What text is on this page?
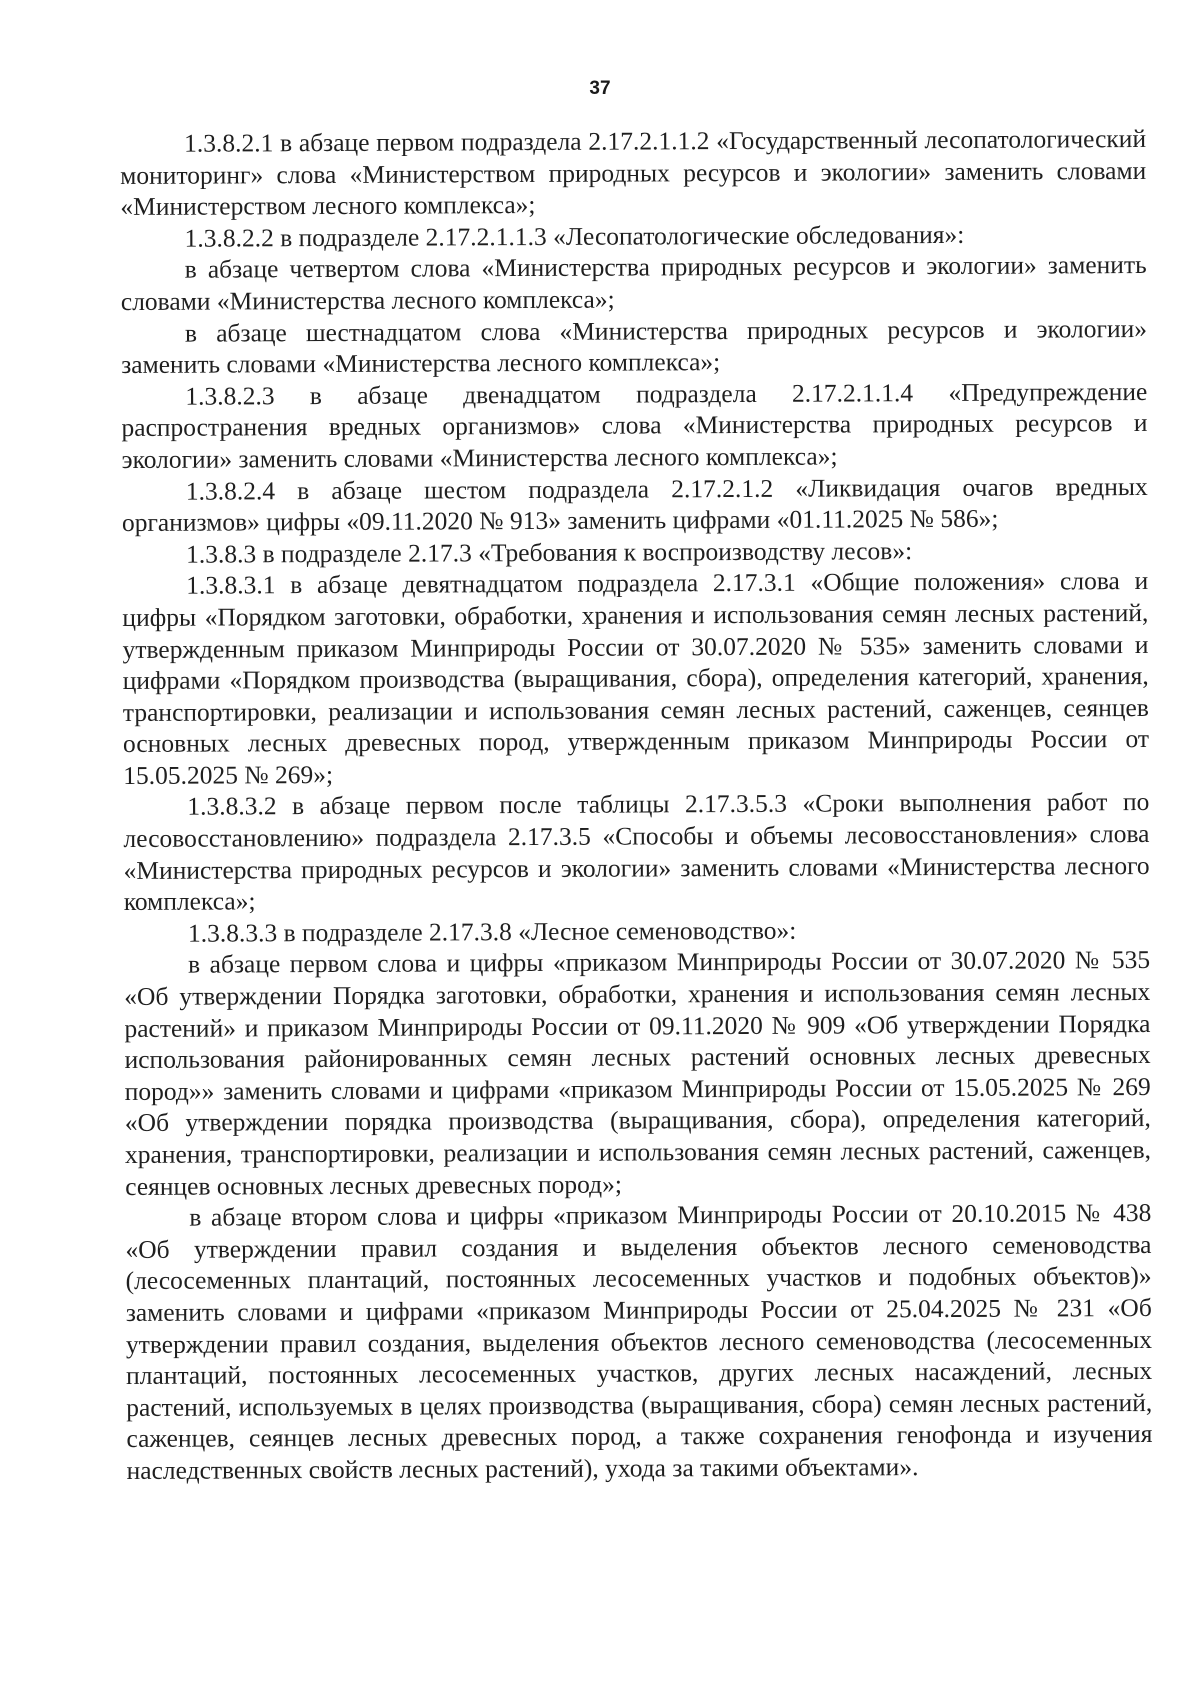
37

1.3.8.2.1 в абзаце первом подраздела 2.17.2.1.1.2 «Государственный лесопатологический мониторинг» слова «Министерством природных ресурсов и экологии» заменить словами «Министерством лесного комплекса»;

1.3.8.2.2 в подразделе 2.17.2.1.1.3 «Лесопатологические обследования»:

в абзаце четвертом слова «Министерства природных ресурсов и экологии» заменить словами «Министерства лесного комплекса»;

в абзаце шестнадцатом слова «Министерства природных ресурсов и экологии» заменить словами «Министерства лесного комплекса»;

1.3.8.2.3 в абзаце двенадцатом подраздела 2.17.2.1.1.4 «Предупреждение распространения вредных организмов» слова «Министерства природных ресурсов и экологии» заменить словами «Министерства лесного комплекса»;

1.3.8.2.4 в абзаце шестом подраздела 2.17.2.1.2 «Ликвидация очагов вредных организмов» цифры «09.11.2020 № 913» заменить цифрами «01.11.2025 № 586»;

1.3.8.3 в подразделе 2.17.3 «Требования к воспроизводству лесов»:

1.3.8.3.1 в абзаце девятнадцатом подраздела 2.17.3.1 «Общие положения» слова и цифры «Порядком заготовки, обработки, хранения и использования семян лесных растений, утвержденным приказом Минприроды России от 30.07.2020 № 535» заменить словами и цифрами «Порядком производства (выращивания, сбора), определения категорий, хранения, транспортировки, реализации и использования семян лесных растений, саженцев, сеянцев основных лесных древесных пород, утвержденным приказом Минприроды России от 15.05.2025 № 269»;

1.3.8.3.2 в абзаце первом после таблицы 2.17.3.5.3 «Сроки выполнения работ по лесовосстановлению» подраздела 2.17.3.5 «Способы и объемы лесовосстановления» слова «Министерства природных ресурсов и экологии» заменить словами «Министерства лесного комплекса»;

1.3.8.3.3 в подразделе 2.17.3.8 «Лесное семеноводство»:

в абзаце первом слова и цифры «приказом Минприроды России от 30.07.2020 № 535 «Об утверждении Порядка заготовки, обработки, хранения и использования семян лесных растений» и приказом Минприроды России от 09.11.2020 № 909 «Об утверждении Порядка использования районированных семян лесных растений основных лесных древесных пород»» заменить словами и цифрами «приказом Минприроды России от 15.05.2025 № 269 «Об утверждении порядка производства (выращивания, сбора), определения категорий, хранения, транспортировки, реализации и использования семян лесных растений, саженцев, сеянцев основных лесных древесных пород»;

в абзаце втором слова и цифры «приказом Минприроды России от 20.10.2015 № 438 «Об утверждении правил создания и выделения объектов лесного семеноводства (лесосеменных плантаций, постоянных лесосеменных участков и подобных объектов)» заменить словами и цифрами «приказом Минприроды России от 25.04.2025 № 231 «Об утверждении правил создания, выделения объектов лесного семеноводства (лесосеменных плантаций, постоянных лесосеменных участков, других лесных насаждений, лесных растений, используемых в целях производства (выращивания, сбора) семян лесных растений, саженцев, сеянцев лесных древесных пород, а также сохранения генофонда и изучения наследственных свойств лесных растений), ухода за такими объектами».
